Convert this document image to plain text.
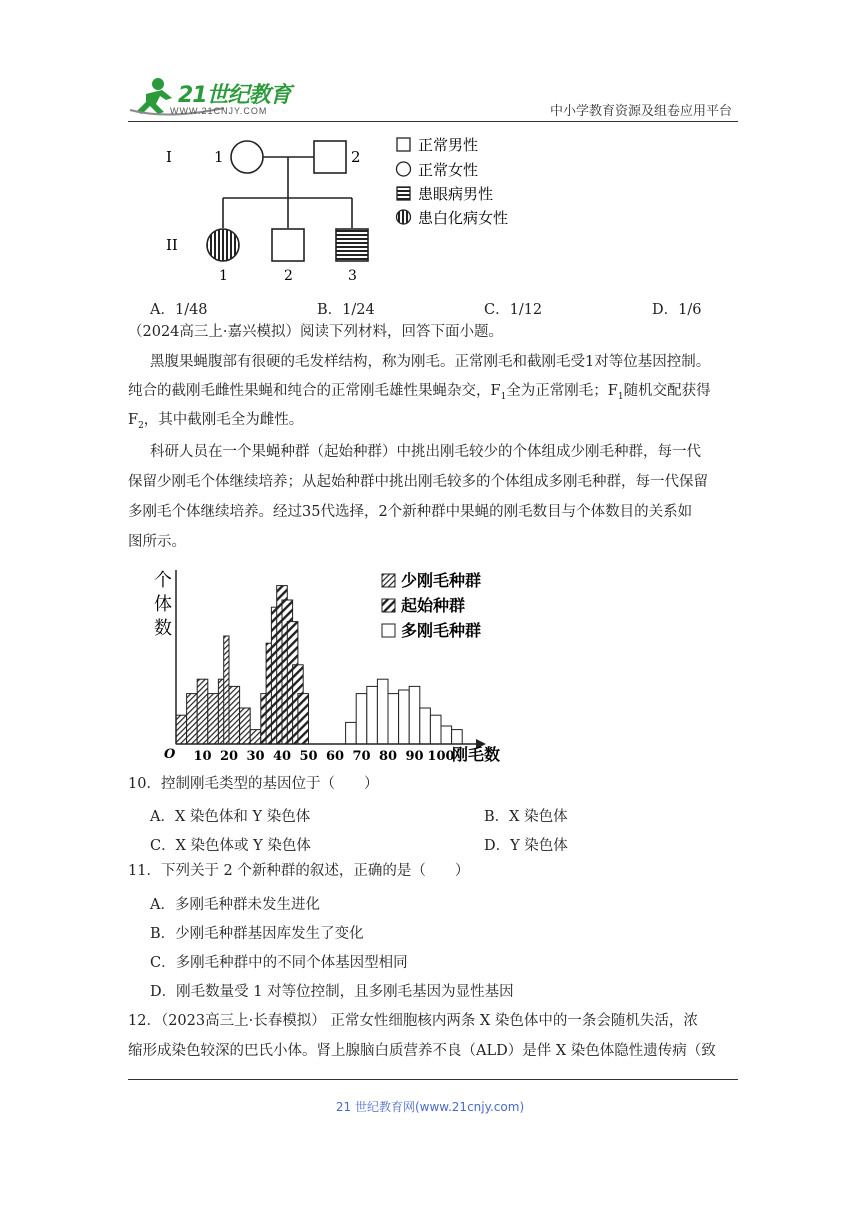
21世纪教育
WWW.21CNJY.COM	中小学教育资源及组卷应用平台
I
II
1	2
1	2	3
正常男性
正常女性
患眼病男性
患白化病女性
A．1/48	B．1/24	C．1/12	D．1/6
（2024高三上·嘉兴模拟）阅读下列材料，回答下面小题。
黑腹果蝇腹部有很硬的毛发样结构，称为刚毛。正常刚毛和截刚毛受1对等位基因控制。
纯合的截刚毛雌性果蝇和纯合的正常刚毛雄性果蝇杂交，$F_1$全为正常刚毛；$F_1$随机交配获得
$F_2$，其中截刚毛全为雌性。
科研人员在一个果蝇种群（起始种群）中挑出刚毛较少的个体组成少刚毛种群，每一代
保留少刚毛个体继续培养；从起始种群中挑出刚毛较多的个体组成多刚毛种群，每一代保留
多刚毛个体继续培养。经过35代选择，2个新种群中果蝇的刚毛数目与个体数目的关系如
图所示。
个
体
数
O	刚毛数
10 20 30 40 50 60 70 80 90 100
少刚毛种群
起始种群
多刚毛种群
10．控制刚毛类型的基因位于（　　）
A．X 染色体和 Y 染色体	B．X 染色体
C．X 染色体或 Y 染色体	D．Y 染色体
11．下列关于 2 个新种群的叙述，正确的是（　　）
A．多刚毛种群未发生进化
B．少刚毛种群基因库发生了变化
C．多刚毛种群中的不同个体基因型相同
D．刚毛数量受 1 对等位控制，且多刚毛基因为显性基因
12．（2023高三上·长春模拟） 正常女性细胞核内两条 X 染色体中的一条会随机失活，浓
缩形成染色较深的巴氏小体。肾上腺脑白质营养不良（ALD）是伴 X 染色体隐性遗传病（致
21 世纪教育网(www.21cnjy.com)
